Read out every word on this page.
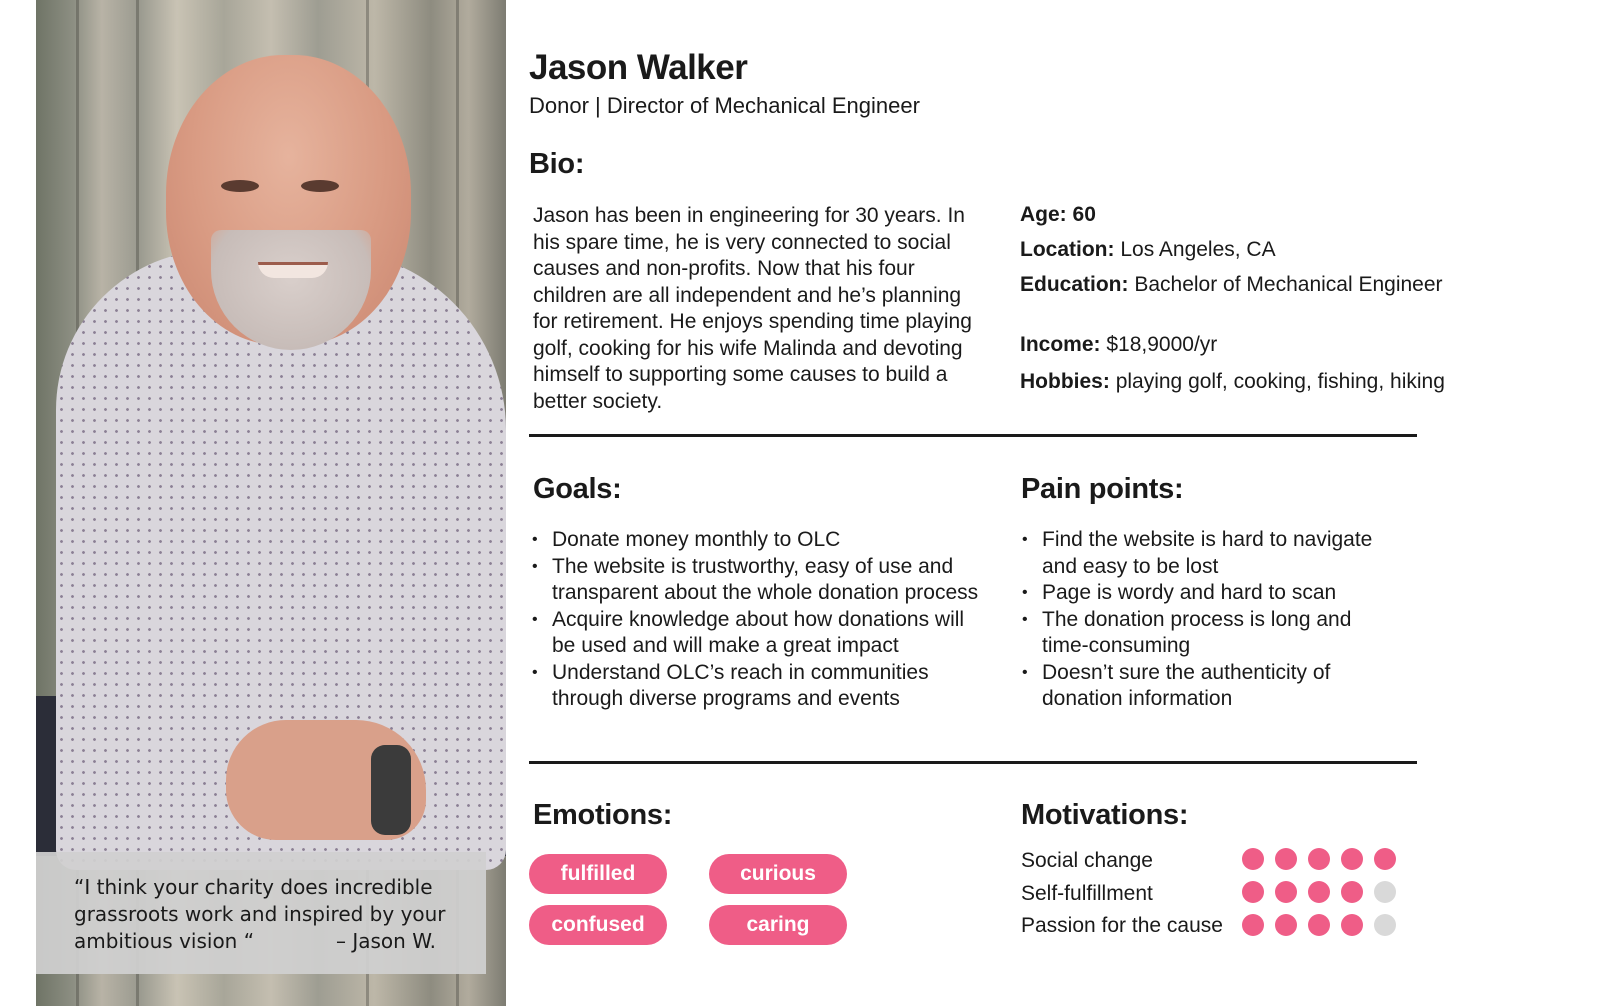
“I think your charity does incredible grassroots work and inspired by your ambitious vision “	– Jason W.
Jason Walker
Donor | Director of Mechanical Engineer
Bio:
Jason has been in engineering for 30 years. In his spare time, he is very connected to social causes and non-profits. Now that his four children are all independent and he’s planning for retirement. He enjoys spending time playing golf, cooking for his wife Malinda and devoting himself to supporting some causes to build a better society.
Age: 60
Location: Los Angeles, CA
Education: Bachelor of Mechanical Engineer
Income: $18,9000/yr
Hobbies: playing golf, cooking, fishing, hiking
Goals:
• Donate money monthly to OLC
• The website is trustworthy, easy of use and transparent about the whole donation process
• Acquire knowledge about how donations will be used and will make a great impact
• Understand OLC’s reach in communities through diverse programs and events
Pain points:
• Find the website is hard to navigate and easy to be lost
• Page is wordy and hard to scan
• The donation process is long and time-consuming
• Doesn’t sure the authenticity of donation information
Emotions:
fulfilled	curious
confused	caring
Motivations:
Social change
Self-fulfillment
Passion for the cause
